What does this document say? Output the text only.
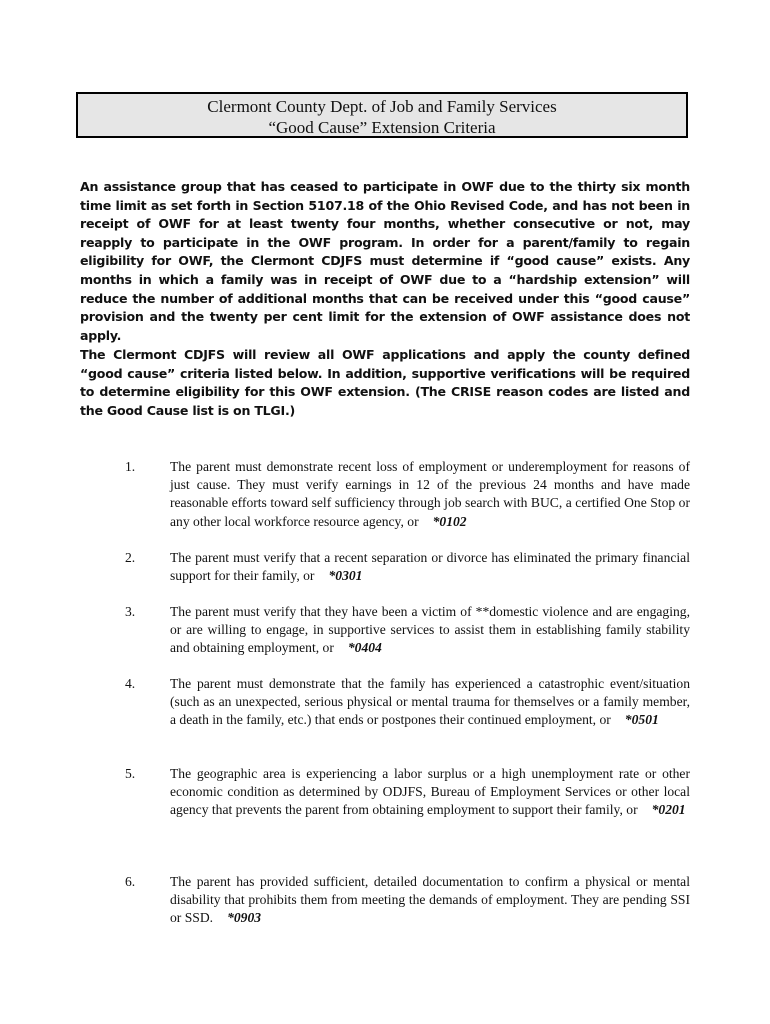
Clermont County Dept. of Job and Family Services
“Good Cause” Extension Criteria

An assistance group that has ceased to participate in OWF due to the thirty six month time limit as set forth in Section 5107.18 of the Ohio Revised Code, and has not been in receipt of OWF for at least twenty four months, whether consecutive or not, may reapply to participate in the OWF program. In order for a parent/family to regain eligibility for OWF, the Clermont CDJFS must determine if “good cause” exists. Any months in which a family was in receipt of OWF due to a “hardship extension” will reduce the number of additional months that can be received under this “good cause” provision and the twenty per cent limit for the extension of OWF assistance does not apply.

The Clermont CDJFS will review all OWF applications and apply the county defined “good cause” criteria listed below. In addition, supportive verifications will be required to determine eligibility for this OWF extension. (The CRISE reason codes are listed and the Good Cause list is on TLGI.)

1.	The parent must demonstrate recent loss of employment or underemployment for reasons of just cause. They must verify earnings in 12 of the previous 24 months and have made reasonable efforts toward self sufficiency through job search with BUC, a certified One Stop or any other local workforce resource agency, or *0102
2.	The parent must verify that a recent separation or divorce has eliminated the primary financial support for their family, or *0301
3.	The parent must verify that they have been a victim of **domestic violence and are engaging, or are willing to engage, in supportive services to assist them in establishing family stability and obtaining employment, or *0404
4.	The parent must demonstrate that the family has experienced a catastrophic event/situation (such as an unexpected, serious physical or mental trauma for themselves or a family member, a death in the family, etc.) that ends or postpones their continued employment, or *0501
5.	The geographic area is experiencing a labor surplus or a high unemployment rate or other economic condition as determined by ODJFS, Bureau of Employment Services or other local agency that prevents the parent from obtaining employment to support their family, or *0201
6.	The parent has provided sufficient, detailed documentation to confirm a physical or mental disability that prohibits them from meeting the demands of employment. They are pending SSI or SSD. *0903
